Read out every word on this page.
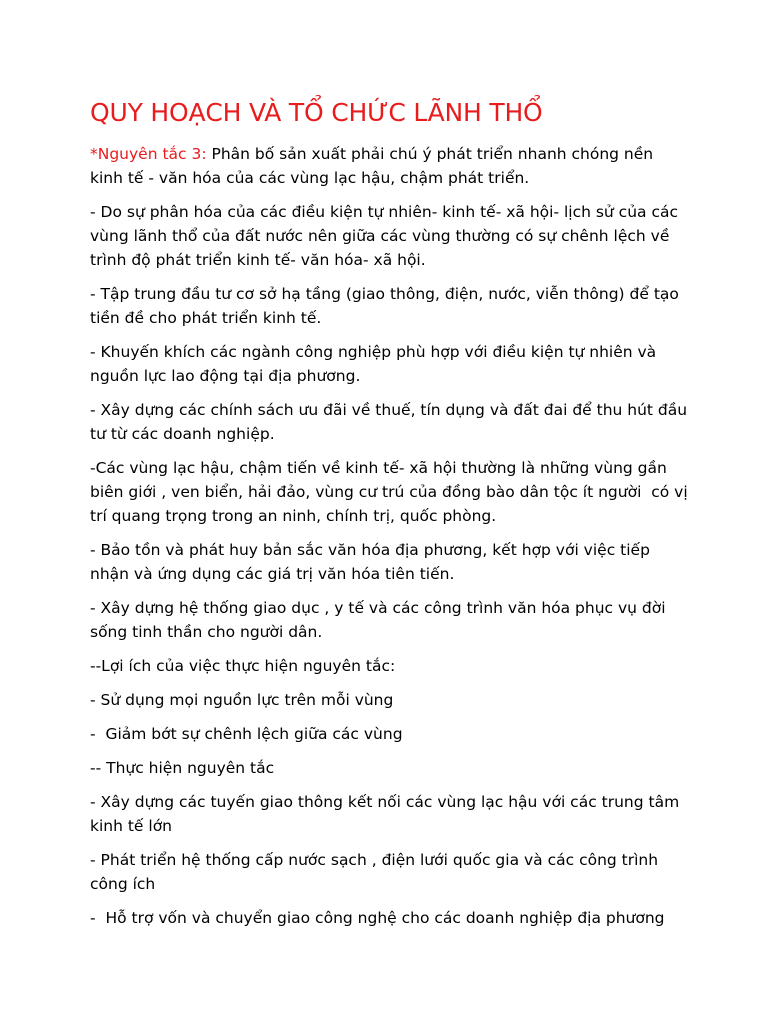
QUY HOẠCH VÀ TỔ CHỨC LÃNH THỔ

*Nguyên tắc 3: Phân bố sản xuất phải chú ý phát triển nhanh chóng nền kinh tế - văn hóa của các vùng lạc hậu, chậm phát triển.

- Do sự phân hóa của các điều kiện tự nhiên- kinh tế- xã hội- lịch sử của các vùng lãnh thổ của đất nước nên giữa các vùng thường có sự chênh lệch về trình độ phát triển kinh tế- văn hóa- xã hội.

- Tập trung đầu tư cơ sở hạ tầng (giao thông, điện, nước, viễn thông) để tạo tiền đề cho phát triển kinh tế.

- Khuyến khích các ngành công nghiệp phù hợp với điều kiện tự nhiên và nguồn lực lao động tại địa phương.

- Xây dựng các chính sách ưu đãi về thuế, tín dụng và đất đai để thu hút đầu tư từ các doanh nghiệp.

-Các vùng lạc hậu, chậm tiến về kinh tế- xã hội thường là những vùng gần biên giới , ven biển, hải đảo, vùng cư trú của đồng bào dân tộc ít người  có vị trí quang trọng trong an ninh, chính trị, quốc phòng.

- Bảo tồn và phát huy bản sắc văn hóa địa phương, kết hợp với việc tiếp nhận và ứng dụng các giá trị văn hóa tiên tiến.

- Xây dựng hệ thống giao dục , y tế và các công trình văn hóa phục vụ đời sống tinh thần cho người dân.

--Lợi ích của việc thực hiện nguyên tắc:

- Sử dụng mọi nguồn lực trên mỗi vùng

-  Giảm bớt sự chênh lệch giữa các vùng

-- Thực hiện nguyên tắc

- Xây dựng các tuyến giao thông kết nối các vùng lạc hậu với các trung tâm kinh tế lớn

- Phát triển hệ thống cấp nước sạch , điện lưới quốc gia và các công trình công ích

-  Hỗ trợ vốn và chuyển giao công nghệ cho các doanh nghiệp địa phương
